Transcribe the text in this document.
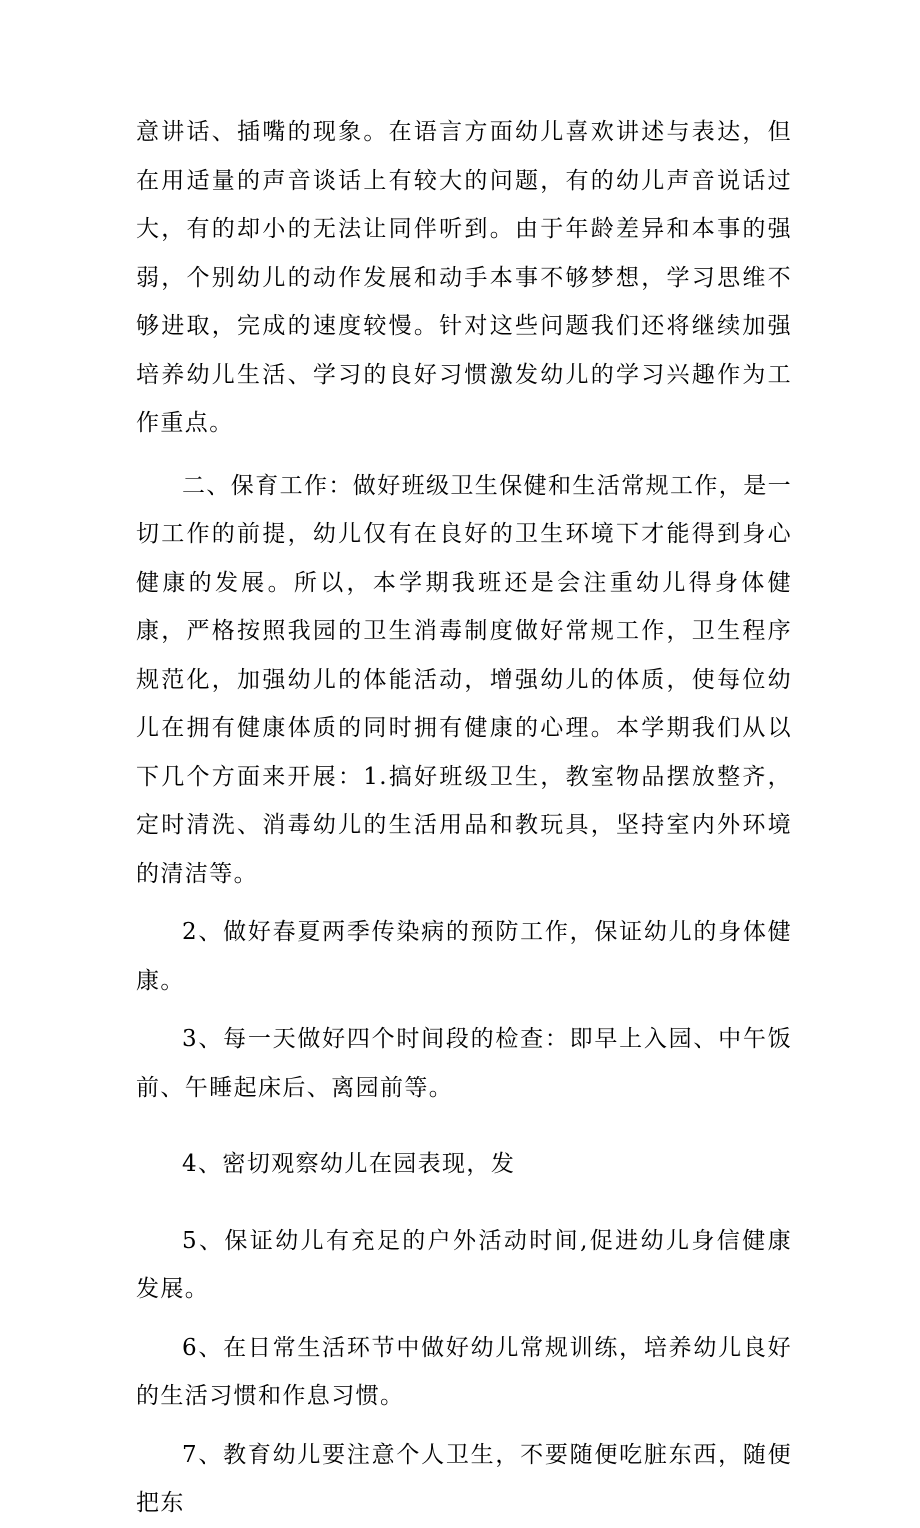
意讲话、插嘴的现象。在语言方面幼儿喜欢讲述与表达，但在用适量的声音谈话上有较大的问题，有的幼儿声音说话过大，有的却小的无法让同伴听到。由于年龄差异和本事的强弱，个别幼儿的动作发展和动手本事不够梦想，学习思维不够进取，完成的速度较慢。针对这些问题我们还将继续加强培养幼儿生活、学习的良好习惯激发幼儿的学习兴趣作为工作重点。

二、保育工作：做好班级卫生保健和生活常规工作，是一切工作的前提，幼儿仅有在良好的卫生环境下才能得到身心健康的发展。所以，本学期我班还是会注重幼儿得身体健康，严格按照我园的卫生消毒制度做好常规工作，卫生程序规范化，加强幼儿的体能活动，增强幼儿的体质，使每位幼儿在拥有健康体质的同时拥有健康的心理。本学期我们从以下几个方面来开展：1.搞好班级卫生，教室物品摆放整齐，定时清洗、消毒幼儿的生活用品和教玩具，坚持室内外环境的清洁等。

2、做好春夏两季传染病的预防工作，保证幼儿的身体健康。

3、每一天做好四个时间段的检查：即早上入园、中午饭前、午睡起床后、离园前等。

4、密切观察幼儿在园表现，发

5、保证幼儿有充足的户外活动时间,促进幼儿身信健康发展。

6、在日常生活环节中做好幼儿常规训练，培养幼儿良好的生活习惯和作息习惯。

7、教育幼儿要注意个人卫生，不要随便吃脏东西，随便把东
